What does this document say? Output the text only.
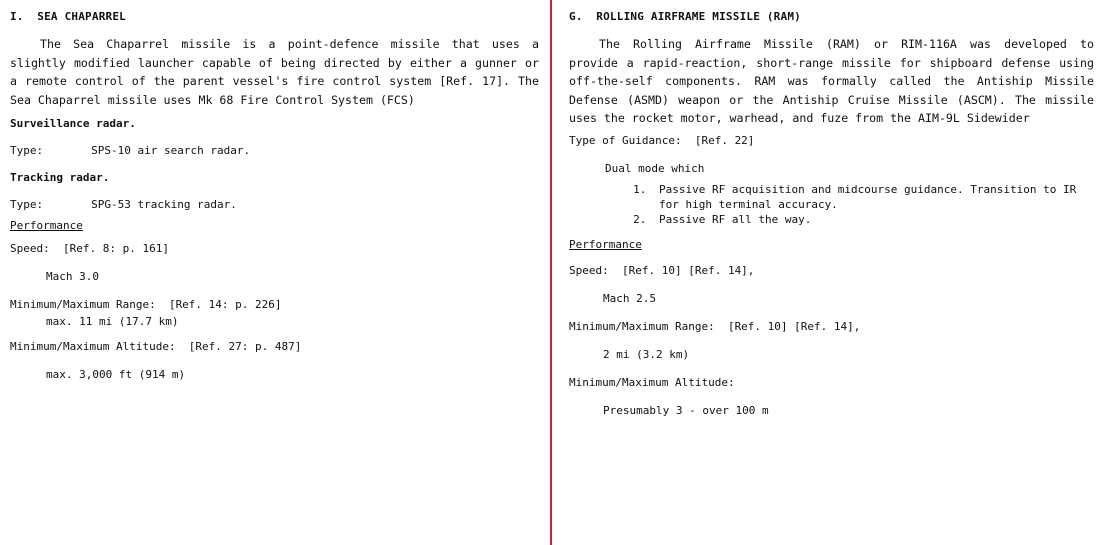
I.  SEA CHAPARREL

The Sea Chaparrel missile is a point-defence missile that uses a slightly modified launcher capable of being directed by either a gunner or a remote control of the parent vessel's fire control system [Ref. 17]. The Sea Chaparrel missile uses Mk 68 Fire Control System (FCS)

Surveillance radar.
Type:	SPS-10 air search radar.
Tracking radar.
Type:	SPG-53 tracking radar.
Performance
Speed:  [Ref. 8: p. 161]
Mach 3.0
Minimum/Maximum Range:  [Ref. 14: p. 226]
max. 11 mi (17.7 km)
Minimum/Maximum Altitude:  [Ref. 27: p. 487]
max. 3,000 ft (914 m)
G.  ROLLING AIRFRAME MISSILE (RAM)

The Rolling Airframe Missile (RAM) or RIM-116A was developed to provide a rapid-reaction, short-range missile for shipboard defense using off-the-self components. RAM was formally called the Antiship Missile Defense (ASMD) weapon or the Antiship Cruise Missile (ASCM). The missile uses the rocket motor, warhead, and fuze from the AIM-9L Sidewider

Type of Guidance:  [Ref. 22]
Dual mode which
1. Passive RF acquisition and midcourse guidance. Transition to IR for high terminal accuracy.
2. Passive RF all the way.
Performance
Speed:  [Ref. 10] [Ref. 14],
Mach 2.5
Minimum/Maximum Range:  [Ref. 10] [Ref. 14],
2 mi (3.2 km)
Minimum/Maximum Altitude:
Presumably 3 - over 100 m
